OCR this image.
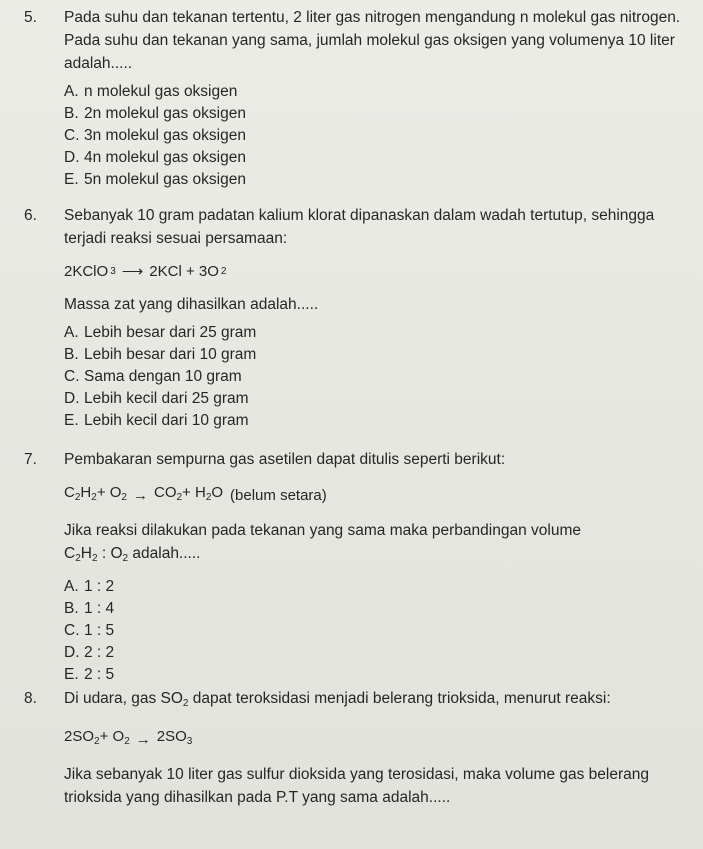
5.	Pada suhu dan tekanan tertentu, 2 liter gas nitrogen mengandung n molekul gas nitrogen. Pada suhu dan tekanan yang sama, jumlah molekul gas oksigen yang volumenya 10 liter adalah.....

A. n molekul gas oksigen
B. 2n molekul gas oksigen
C. 3n molekul gas oksigen
D. 4n molekul gas oksigen
E. 5n molekul gas oksigen
6.	Sebanyak 10 gram padatan kalium klorat dipanaskan dalam wadah tertutup, sehingga terjadi reaksi sesuai persamaan:

2KClO 3 ⟶ 2KCl + 3O 2

Massa zat yang dihasilkan adalah.....

A. Lebih besar dari 25 gram
B. Lebih besar dari 10 gram
C. Sama dengan 10 gram
D. Lebih kecil dari 25 gram
E. Lebih kecil dari 10 gram
7.	Pembakaran sempurna gas asetilen dapat ditulis seperti berikut:

$C_2H_2+ O_2 \to CO_2+ H_2O$ (belum setara)

Jika reaksi dilakukan pada tekanan yang sama maka perbandingan volume

$C_2H_2$ : $O_2$ adalah.....

A. 1 : 2
B. 1 : 4
C. 1 : 5
D. 2 : 2
E. 2 : 5
8.	Di udara, gas $SO_2$ dapat teroksidasi menjadi belerang trioksida, menurut reaksi:

$2SO_2+ O_2 \to 2SO_3$

Jika sebanyak 10 liter gas sulfur dioksida yang terosidasi, maka volume gas belerang trioksida yang dihasilkan pada P.T yang sama adalah.....
